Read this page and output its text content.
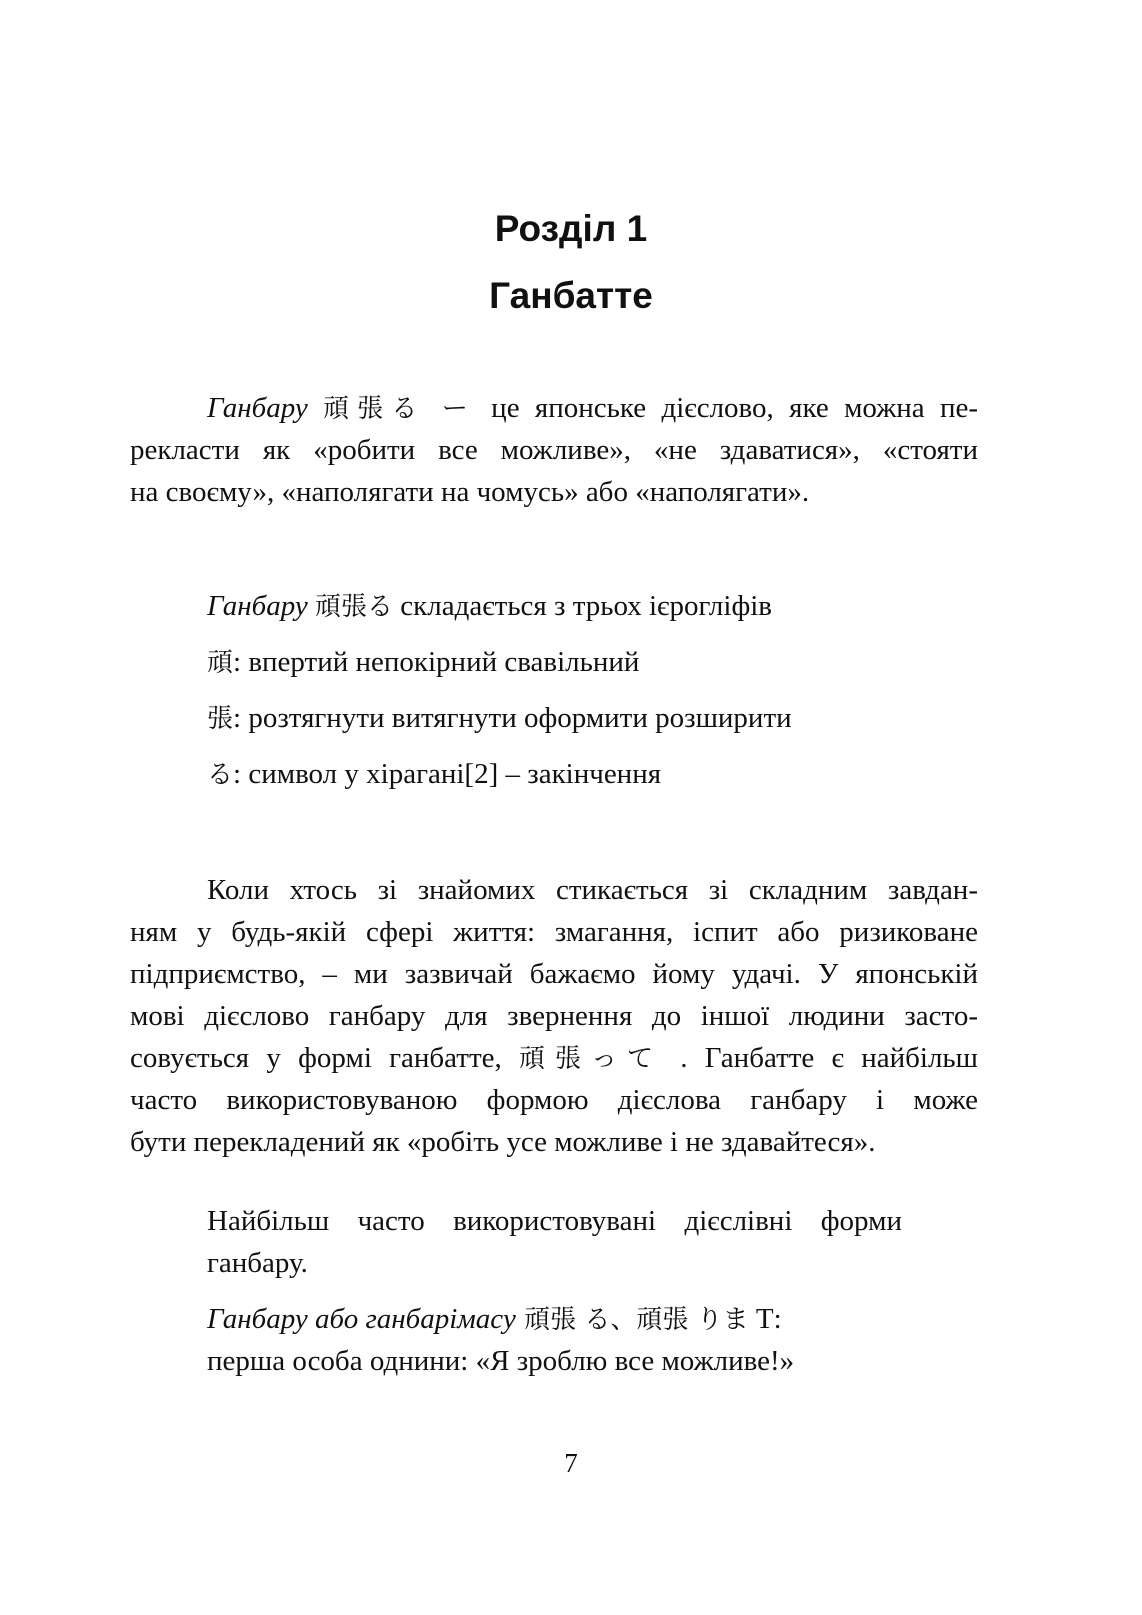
Розділ 1
Ганбатте
Ганбару 頑張る ー це японське дієслово, яке можна пе-
рекласти як «робити все можливе», «не здаватися», «стояти
на своєму», «наполягати на чомусь» або «наполягати».
Ганбару 頑張る складається з трьох ієрогліфів
頑: впертий непокірний свавільний
張: розтягнути витягнути оформити розширити
る: символ у хірагані[2] – закінчення
Коли хтось зі знайомих стикається зі складним завдан-
ням у будь-якій сфері життя: змагання, іспит або ризиковане
підприємство, – ми зазвичай бажаємо йому удачі. У японській
мові дієслово ганбару для звернення до іншої людини засто-
совується у формі ганбатте, 頑張って . Ганбатте є найбільш
часто використовуваною формою дієслова ганбару і може
бути перекладений як «робіть усе можливе і не здавайтеся».
Найбільш часто використовувані дієслівні форми
ганбару.
Ганбару або ганбарімасу 頑張 る、頑張 りま Т:
перша особа однини: «Я зроблю все можливе!»
7
